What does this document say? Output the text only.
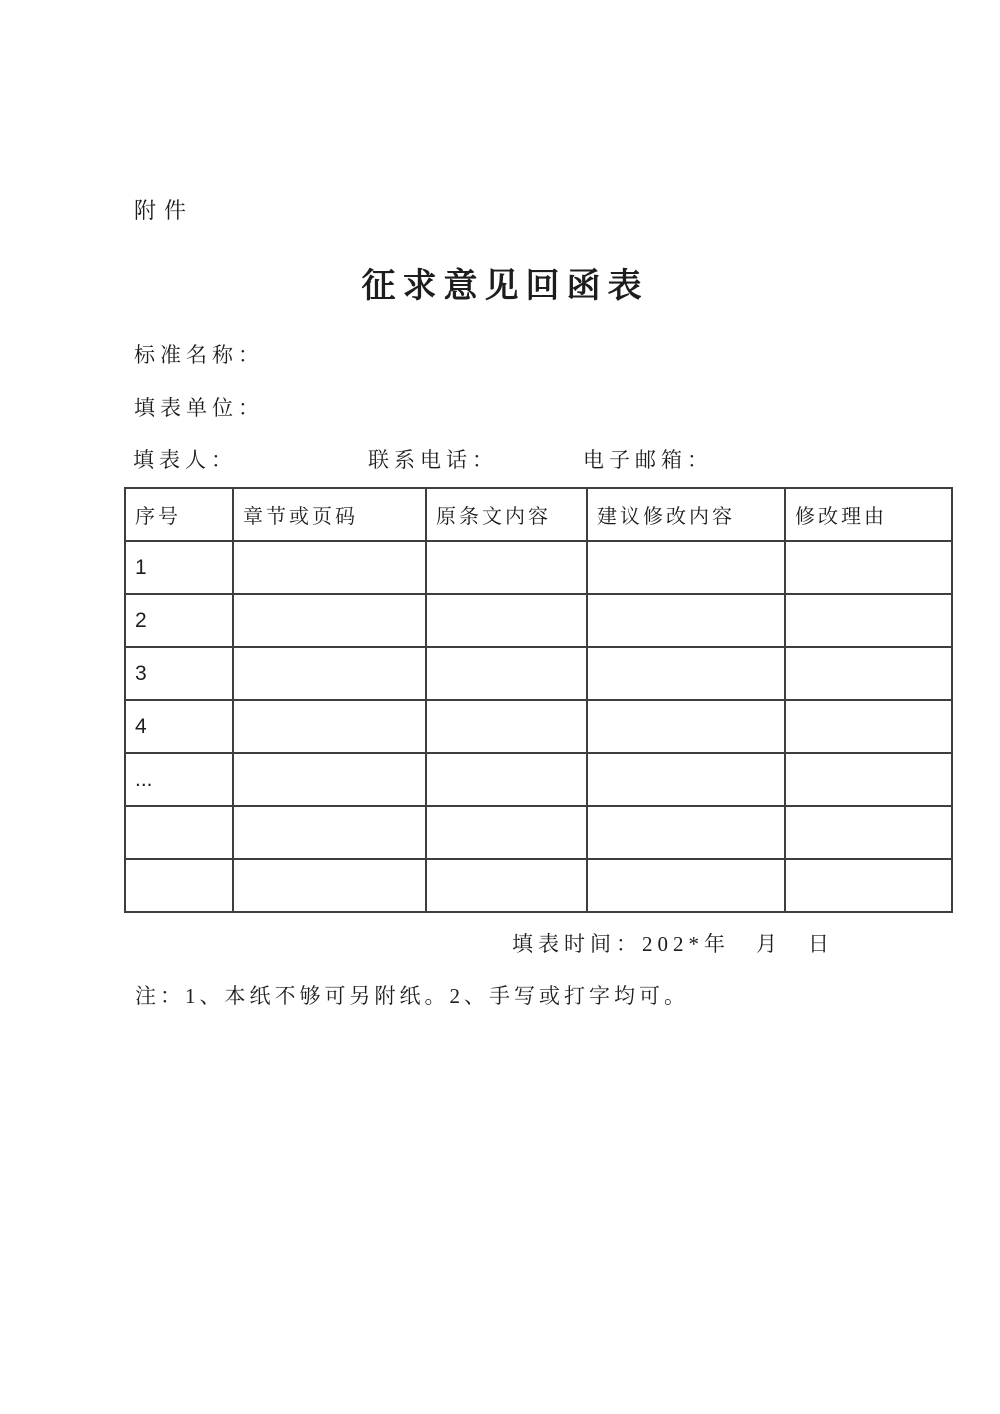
附件
征求意见回函表
标准名称：
填表单位：
填表人：	联系电话：	电子邮箱：
序号	章节或页码	原条文内容	建议修改内容	修改理由
1				
2				
3				
4				
...				

填表时间：202*年　月　日
注：1、本纸不够可另附纸。2、手写或打字均可。
